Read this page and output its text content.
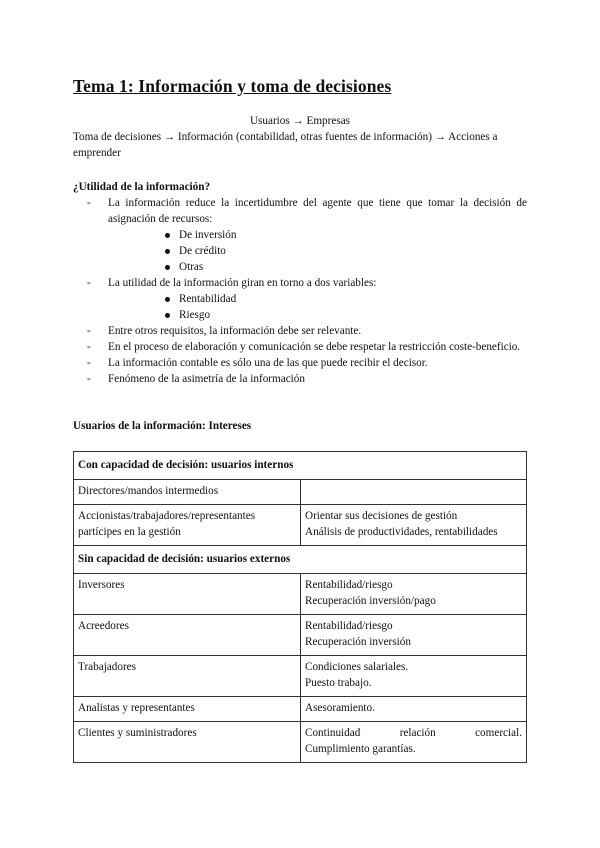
Tema 1: Información y toma de decisiones
Usuarios → Empresas

Toma de decisiones → Información (contabilidad, otras fuentes de información) → Acciones a emprender

¿Utilidad de la información?
- La información reduce la incertidumbre del agente que tiene que tomar la decisión de asignación de recursos:
De inversión
De crédito
Otras
- La utilidad de la información giran en torno a dos variables:
Rentabilidad
Riesgo
- Entre otros requisitos, la información debe ser relevante.
- En el proceso de elaboración y comunicación se debe respetar la restricción coste-beneficio.
- La información contable es sólo una de las que puede recibir el decisor.
- Fenómeno de la asimetría de la información
Usuarios de la información: Intereses
Con capacidad de decisión: usuarios internos	
Directores/mandos intermedios	
Accionistas/trabajadores/representantes partícipes en la gestión	Orientar sus decisiones de gestión
Análisis de productividades, rentabilidades

Sin capacidad de decisión: usuarios externos	
Inversores	Rentabilidad/riesgo
Recuperación inversión/pago

Acreedores	Rentabilidad/riesgo
Recuperación inversión

Trabajadores	Condiciones salariales.
Puesto trabajo.

Analistas y representantes	Asesoramiento.

Clientes y suministradores	Continuidad relación comercial.
Cumplimiento garantías.
